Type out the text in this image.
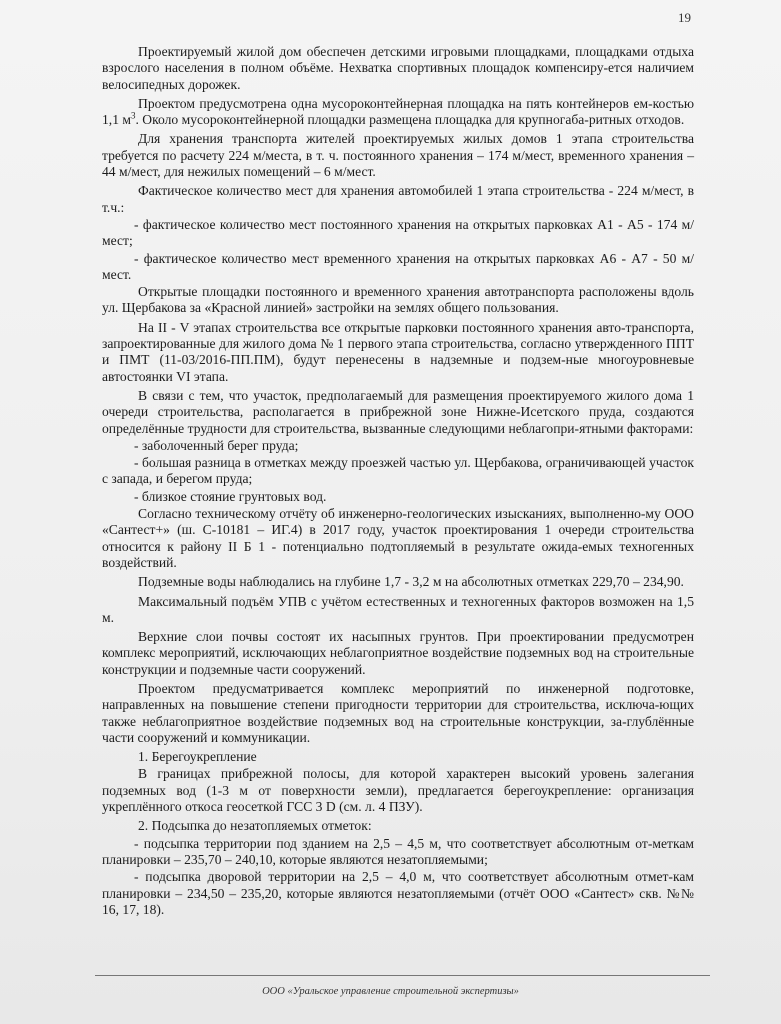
19

Проектируемый жилой дом обеспечен детскими игровыми площадками, площадками отдыха взрослого населения в полном объёме. Нехватка спортивных площадок компенсиру-ется наличием велосипедных дорожек.

Проектом предусмотрена одна мусороконтейнерная площадка на пять контейнеров ем-костью 1,1 $м^3$. Около мусороконтейнерной площадки размещена площадка для крупногаба-ритных отходов.

Для хранения транспорта жителей проектируемых жилых домов 1 этапа строительства требуется по расчету 224 м/места, в т. ч. постоянного хранения – 174 м/мест, временного хранения – 44 м/мест, для нежилых помещений – 6 м/мест.

Фактическое количество мест для хранения автомобилей 1 этапа строительства - 224 м/мест, в т.ч.:

- фактическое количество мест постоянного хранения на открытых парковках А1 - А5 - 174 м/мест;

- фактическое количество мест временного хранения на открытых парковках А6 - А7 - 50 м/мест.

Открытые площадки постоянного и временного хранения автотранспорта расположены вдоль ул. Щербакова за «Красной линией» застройки на землях общего пользования.

На II - V этапах строительства все открытые парковки постоянного хранения авто-транспорта, запроектированные для жилого дома № 1 первого этапа строительства, согласно утвержденного ППТ и ПМТ (11-03/2016-ПП.ПМ), будут перенесены в надземные и подзем-ные многоуровневые автостоянки VI этапа.

В связи с тем, что участок, предполагаемый для размещения проектируемого жилого дома 1 очереди строительства, располагается в прибрежной зоне Нижне-Исетского пруда, создаются определённые трудности для строительства, вызванные следующими неблагопри-ятными факторами:

- заболоченный берег пруда;

- большая разница в отметках между проезжей частью ул. Щербакова, ограничивающей участок с запада, и берегом пруда;

- близкое стояние грунтовых вод.

Согласно техническому отчёту об инженерно-геологических изысканиях, выполненно-му ООО «Сантест+» (ш. С-10181 – ИГ.4) в 2017 году, участок проектирования 1 очереди строительства относится к району II Б 1 - потенциально подтопляемый в результате ожида-емых техногенных воздействий.

Подземные воды наблюдались на глубине 1,7 - 3,2 м на абсолютных отметках 229,70 – 234,90.

Максимальный подъём УПВ с учётом естественных и техногенных факторов возможен на 1,5 м.

Верхние слои почвы состоят их насыпных грунтов. При проектировании предусмотрен комплекс мероприятий, исключающих неблагоприятное воздействие подземных вод на строительные конструкции и подземные части сооружений.

Проектом предусматривается комплекс мероприятий по инженерной подготовке, направленных на повышение степени пригодности территории для строительства, исключа-ющих также неблагоприятное воздействие подземных вод на строительные конструкции, за-глублённые части сооружений и коммуникации.

1. Берегоукрепление

В границах прибрежной полосы, для которой характерен высокий уровень залегания подземных вод (1-3 м от поверхности земли), предлагается берегоукрепление: организация укреплённого откоса геосеткой ГСС 3 D (см. л. 4 ПЗУ).

2. Подсыпка до незатопляемых отметок:

- подсыпка территории под зданием на 2,5 – 4,5 м, что соответствует абсолютным от-меткам планировки – 235,70 – 240,10, которые являются незатопляемыми;

- подсыпка дворовой территории на 2,5 – 4,0 м, что соответствует абсолютным отмет-кам планировки – 234,50 – 235,20, которые являются незатопляемыми (отчёт ООО «Сантест» скв. №№ 16, 17, 18).

ООО «Уральское управление строительной экспертизы»
